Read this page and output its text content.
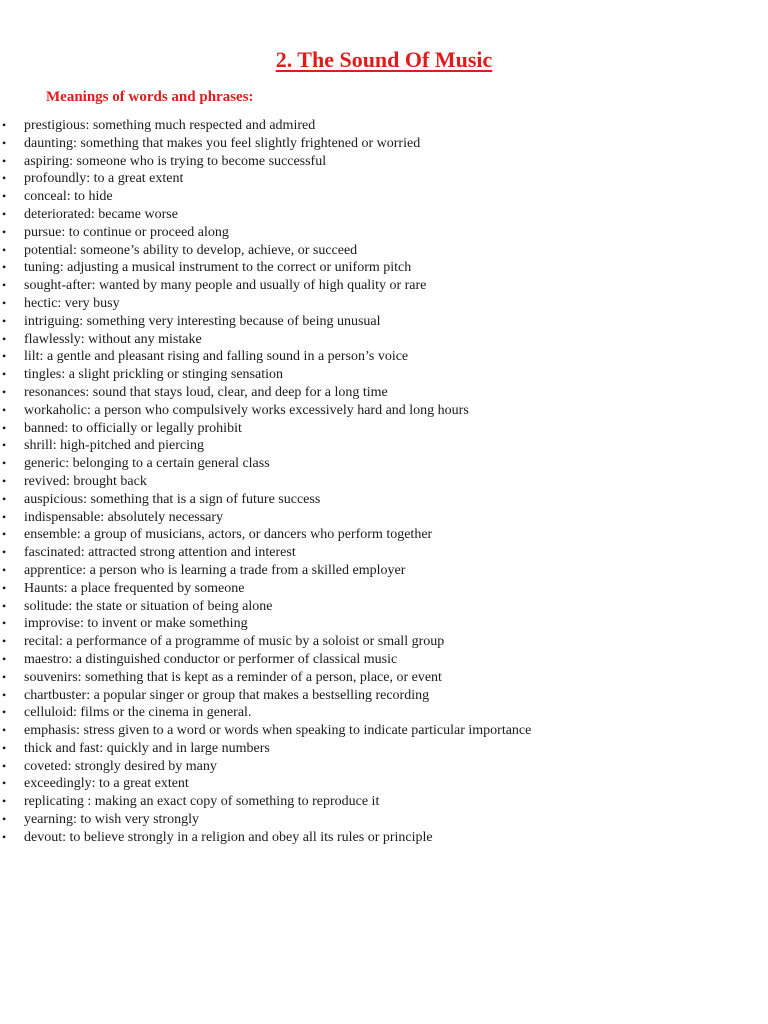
2. The Sound Of Music
Meanings of words and phrases:
• prestigious: something much respected and admired
• daunting: something that makes you feel slightly frightened or worried
• aspiring: someone who is trying to become successful
• profoundly: to a great extent
• conceal: to hide
• deteriorated: became worse
• pursue: to continue or proceed along
• potential: someone’s ability to develop, achieve, or succeed
• tuning: adjusting a musical instrument to the correct or uniform pitch
• sought-after: wanted by many people and usually of high quality or rare
• hectic: very busy
• intriguing: something very interesting because of being unusual
• flawlessly: without any mistake
• lilt: a gentle and pleasant rising and falling sound in a person’s voice
• tingles: a slight prickling or stinging sensation
• resonances: sound that stays loud, clear, and deep for a long time
• workaholic: a person who compulsively works excessively hard and long hours
• banned: to officially or legally prohibit
• shrill: high-pitched and piercing
• generic: belonging to a certain general class
• revived: brought back
• auspicious: something that is a sign of future success
• indispensable: absolutely necessary
• ensemble: a group of musicians, actors, or dancers who perform together
• fascinated: attracted strong attention and interest
• apprentice: a person who is learning a trade from a skilled employer
• Haunts: a place frequented by someone
• solitude: the state or situation of being alone
• improvise: to invent or make something
• recital: a performance of a programme of music by a soloist or small group
• maestro: a distinguished conductor or performer of classical music
• souvenirs: something that is kept as a reminder of a person, place, or event
• chartbuster: a popular singer or group that makes a bestselling recording
• celluloid: films or the cinema in general.
• emphasis: stress given to a word or words when speaking to indicate particular importance
• thick and fast: quickly and in large numbers
• coveted: strongly desired by many
• exceedingly: to a great extent
• replicating : making an exact copy of something to reproduce it
• yearning: to wish very strongly
• devout: to believe strongly in a religion and obey all its rules or principle
